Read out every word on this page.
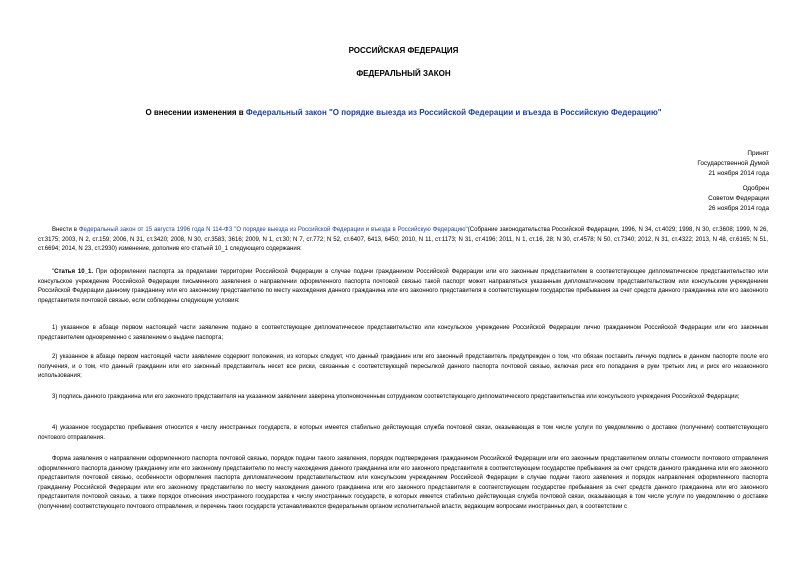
РОССИЙСКАЯ ФЕДЕРАЦИЯ
ФЕДЕРАЛЬНЫЙ ЗАКОН
О внесении изменения в Федеральный закон "О порядке выезда из Российской Федерации и въезда в Российскую Федерацию"
Принят
Государственной Думой
21 ноября 2014 года
Одобрен
Советом Федерации
26 ноября 2014 года
Внести в Федеральный закон от 15 августа 1996 года N 114-ФЗ "О порядке выезда из Российской Федерации и въезда в Российскую Федерацию"(Собрание законодательства Российской Федерации, 1996, N 34, ст.4029; 1998, N 30, ст.3608; 1999, N 26, ст.3175; 2003, N 2, ст.159; 2006, N 31, ст.3420; 2008, N 30, ст.3583, 3616; 2009, N 1, ст.30; N 7, ст.772; N 52, ст.6407, 6413, 6450; 2010, N 11, ст.1173; N 31, ст.4196; 2011, N 1, ст.16, 28; N 30, ст.4578; N 50, ст.7340; 2012, N 31, ст.4322; 2013, N 48, ст.6165; N 51, ст.6694; 2014, N 23, ст.2930) изменение, дополнив его статьей 10_1 следующего содержания:
"Статья 10_1. При оформлении паспорта за пределами территории Российской Федерации в случае подачи гражданином Российской Федерации или его законным представителем в соответствующее дипломатическое представительство или консульское учреждение Российской Федерации письменного заявления о направлении оформленного паспорта почтовой связью такой паспорт может направляться указанным дипломатическим представительством или консульским учреждением Российской Федерации данному гражданину или его законному представителю по месту нахождения данного гражданина или его законного представителя в соответствующем государстве пребывания за счет средств данного гражданина или его законного представителя почтовой связью, если соблюдены следующие условия:
1) указанное в абзаце первом настоящей части заявление подано в соответствующее дипломатическое представительство или консульское учреждение Российской Федерации лично гражданином Российской Федерации или его законным представителем одновременно с заявлением о выдаче паспорта;
2) указанное в абзаце первом настоящей части заявление содержит положения, из которых следует, что данный гражданин или его законный представитель предупрежден о том, что обязан поставить личную подпись в данном паспорте после его получения, и о том, что данный гражданин или его законный представитель несет все риски, связанные с соответствующей пересылкой данного паспорта почтовой связью, включая риск его попадания в руки третьих лиц и риск его незаконного использования;
3) подпись данного гражданина или его законного представителя на указанном заявлении заверена уполномоченным сотрудником соответствующего дипломатического представительства или консульского учреждения Российской Федерации;
4) указанное государство пребывания относится к числу иностранных государств, в которых имеется стабильно действующая служба почтовой связи, оказывающая в том числе услуги по уведомлению о доставке (получении) соответствующего почтового отправления.
Форма заявления о направлении оформленного паспорта почтовой связью, порядок подачи такого заявления, порядок подтверждения гражданином Российской Федерации или его законным представителем оплаты стоимости почтового отправления оформленного паспорта данному гражданину или его законному представителю по месту нахождения данного гражданина или его законного представителя в соответствующем государстве пребывания за счет средств данного гражданина или его законного представителя почтовой связью, особенности оформления паспорта дипломатическим представительством или консульским учреждением Российской Федерации в случае подачи такого заявления и порядок направления оформленного паспорта гражданину Российской Федерации или его законному представителю по месту нахождения данного гражданина или его законного представителя в соответствующем государстве пребывания за счет средств данного гражданина или его законного представителя почтовой связью, а также порядок отнесения иностранного государства к числу иностранных государств, в которых имеется стабильно действующая служба почтовой связи, оказывающая в том числе услуги по уведомлению о доставке (получении) соответствующего почтового отправления, и перечень таких государств устанавливаются федеральным органом исполнительной власти, ведающим вопросами иностранных дел, в соответствии с
